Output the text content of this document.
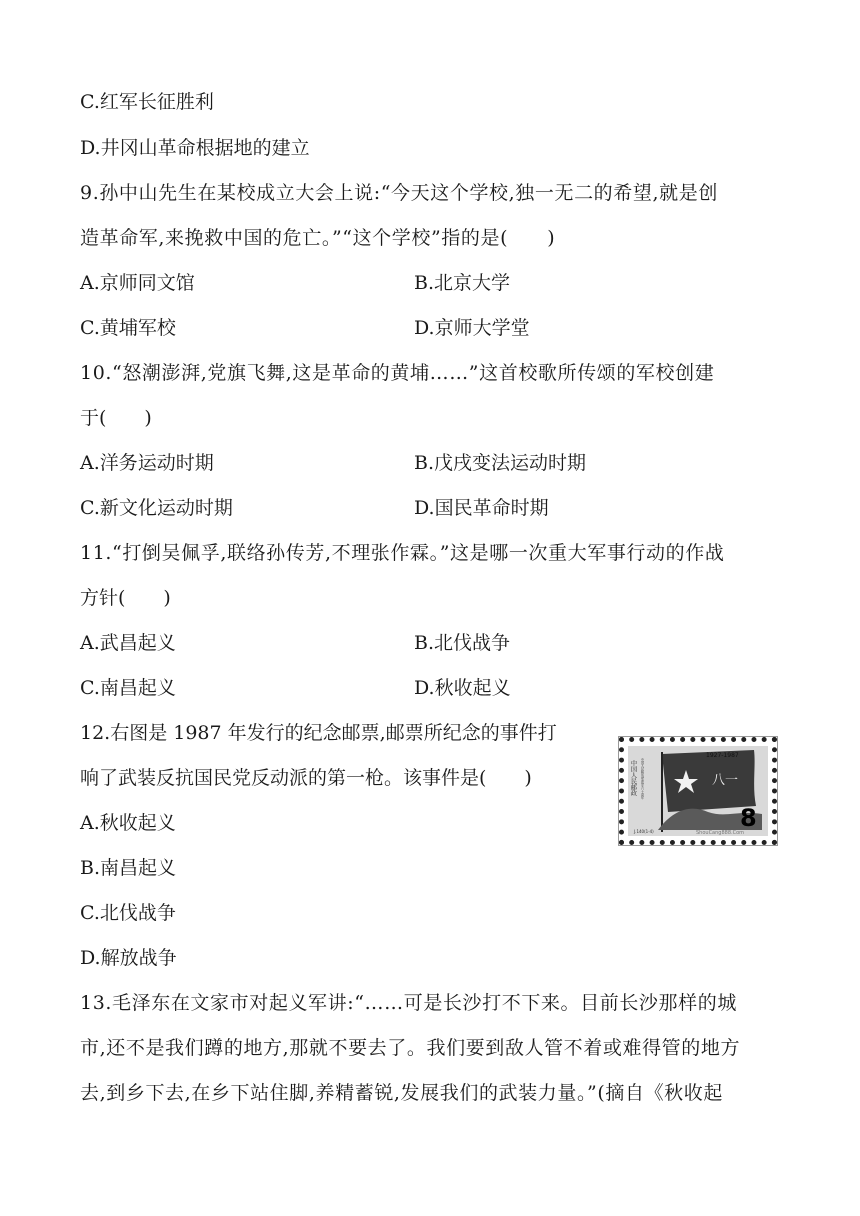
C.红军长征胜利
D.井冈山革命根据地的建立
9.孙中山先生在某校成立大会上说:“今天这个学校,独一无二的希望,就是创
造革命军,来挽救中国的危亡。”“这个学校”指的是(　　)
A.京师同文馆	B.北京大学
C.黄埔军校	D.京师大学堂
10.“怒潮澎湃,党旗飞舞,这是革命的黄埔……”这首校歌所传颂的军校创建
于(　　)
A.洋务运动时期	B.戊戌变法运动时期
C.新文化运动时期	D.国民革命时期
11.“打倒吴佩孚,联络孙传芳,不理张作霖。”这是哪一次重大军事行动的作战
方针(　　)
A.武昌起义	B.北伐战争
C.南昌起义	D.秋收起义
12.右图是 1987 年发行的纪念邮票,邮票所纪念的事件打
响了武装反抗国民党反动派的第一枪。该事件是(　　)
A.秋收起义
B.南昌起义
C.北伐战争
D.解放战争
八一
1927-1987
中国人民邮政 中国人民解放军建军六十周年
8
J.140(1-4)	ShouCang888.Com
13.毛泽东在文家市对起义军讲:“……可是长沙打不下来。目前长沙那样的城
市,还不是我们蹲的地方,那就不要去了。我们要到敌人管不着或难得管的地方
去,到乡下去,在乡下站住脚,养精蓄锐,发展我们的武装力量。”(摘自《秋收起
